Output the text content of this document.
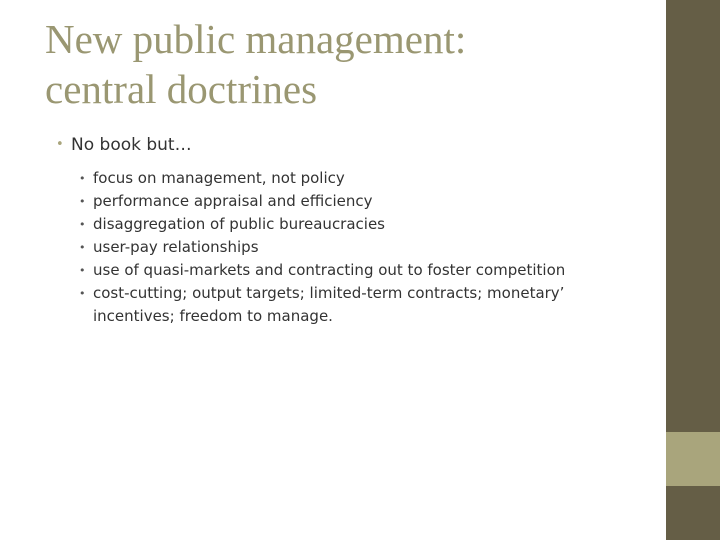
New public management:
central doctrines
• No book but…
• focus on management, not policy
• performance appraisal and efficiency
• disaggregation of public bureaucracies
• user-pay relationships
• use of quasi-markets and contracting out to foster competition
• cost-cutting; output targets; limited-term contracts; monetary’ incentives; freedom to manage.
